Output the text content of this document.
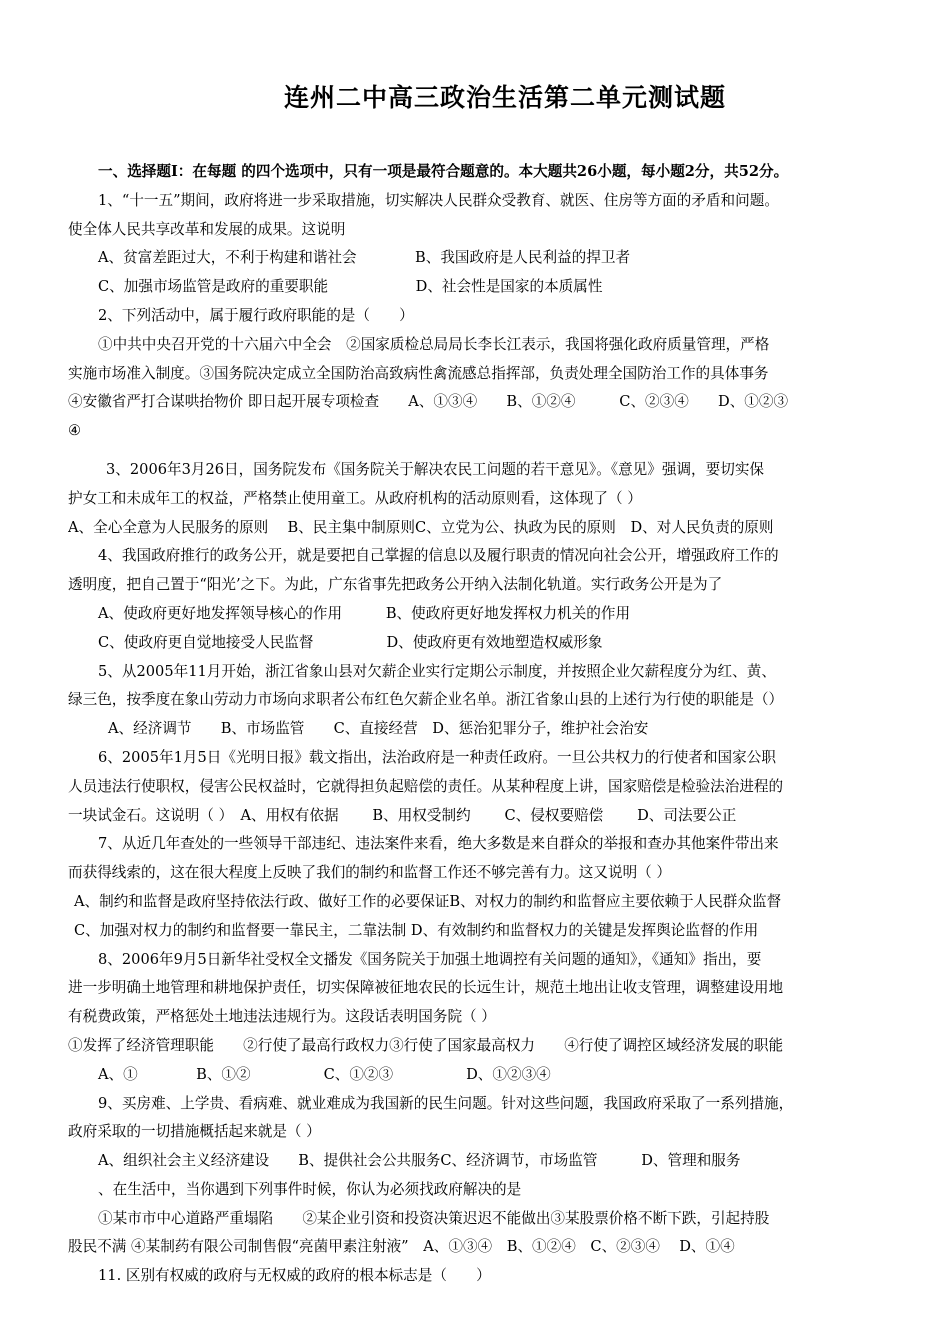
连州二中高三政治生活第二单元测试题
一、选择题I：在每题 的四个选项中，只有一项是最符合题意的。本大题共26小题，每小题2分，共52分。
1、“十一五”期间，政府将进一步采取措施，切实解决人民群众受教育、就医、住房等方面的矛盾和问题。
使全体人民共享改革和发展的成果。这说明
A、贫富差距过大，不利于构建和谐社会　　　　B、我国政府是人民利益的捍卫者
C、加强市场监管是政府的重要职能　　　　　　D、社会性是国家的本质属性
2、下列活动中，属于履行政府职能的是（　　）
①中共中央召开党的十六届六中全会　②国家质检总局局长李长江表示，我国将强化政府质量管理，严格
实施市场准入制度。③国务院决定成立全国防治高致病性禽流感总指挥部，负责处理全国防治工作的具体事务
④安徽省严打合谋哄抬物价 即日起开展专项检查　　A、①③④　　B、①②④　　　C、②③④　　D、①②③
④
3、2006年3月26日，国务院发布《国务院关于解决农民工问题的若干意见》。《意见》强调，要切实保
护女工和未成年工的权益，严格禁止使用童工。从政府机构的活动原则看，这体现了（ ）
A、全心全意为人民服务的原则　 B、民主集中制原则C、立党为公、执政为民的原则　D、对人民负责的原则
4、我国政府推行的政务公开，就是要把自己掌握的信息以及履行职责的情况向社会公开，增强政府工作的
透明度，把自己置于“阳光’之下。为此，广东省事先把政务公开纳入法制化轨道。实行政务公开是为了
A、使政府更好地发挥领导核心的作用　　　B、使政府更好地发挥权力机关的作用
C、使政府更自觉地接受人民监督　　　　　D、使政府更有效地塑造权威形象
5、从2005年11月开始，浙江省象山县对欠薪企业实行定期公示制度，并按照企业欠薪程度分为红、黄、
绿三色，按季度在象山劳动力市场向求职者公布红色欠薪企业名单。浙江省象山县的上述行为行使的职能是（）
A、经济调节　　B、市场监管　　C、直接经营　D、惩治犯罪分子，维护社会治安
6、2005年1月5日《光明日报》载文指出，法治政府是一种责任政府。一旦公共权力的行使者和国家公职
人员违法行使职权，侵害公民权益时，它就得担负起赔偿的责任。从某种程度上讲，国家赔偿是检验法治进程的
一块试金石。这说明（ ）　A、用权有依据　　 B、用权受制约　　 C、侵权要赔偿　　 D、司法要公正
7、从近几年查处的一些领导干部违纪、违法案件来看，绝大多数是来自群众的举报和查办其他案件带出来
而获得线索的，这在很大程度上反映了我们的制约和监督工作还不够完善有力。这又说明（ ）
A、制约和监督是政府坚持依法行政、做好工作的必要保证B、对权力的制约和监督应主要依赖于人民群众监督
C、加强对权力的制约和监督要一靠民主，二靠法制 D、有效制约和监督权力的关键是发挥舆论监督的作用
8、2006年9月5日新华社受权全文播发《国务院关于加强土地调控有关问题的通知》，《通知》指出，要
进一步明确土地管理和耕地保护责任，切实保障被征地农民的长远生计，规范土地出让收支管理，调整建设用地
有税费政策，严格惩处土地违法违规行为。这段话表明国务院（ ）
①发挥了经济管理职能　　②行使了最高行政权力③行使了国家最高权力　　④行使了调控区域经济发展的职能
A、①　　　　B、①②　　　　　C、①②③　　　　　D、①②③④
9、买房难、上学贵、看病难、就业难成为我国新的民生问题。针对这些问题，我国政府采取了一系列措施，
政府采取的一切措施概括起来就是（ ）
A、组织社会主义经济建设　　B、提供社会公共服务C、经济调节，市场监管　　　D、管理和服务
、在生活中，当你遇到下列事件时候，你认为必须找政府解决的是
①某市市中心道路严重塌陷　　②某企业引资和投资决策迟迟不能做出③某股票价格不断下跌，引起持股
股民不满 ④某制药有限公司制售假“亮菌甲素注射液”　A、①③④　B、①②④　C、②③④　 D、①④
11. 区别有权威的政府与无权威的政府的根本标志是（　　）
